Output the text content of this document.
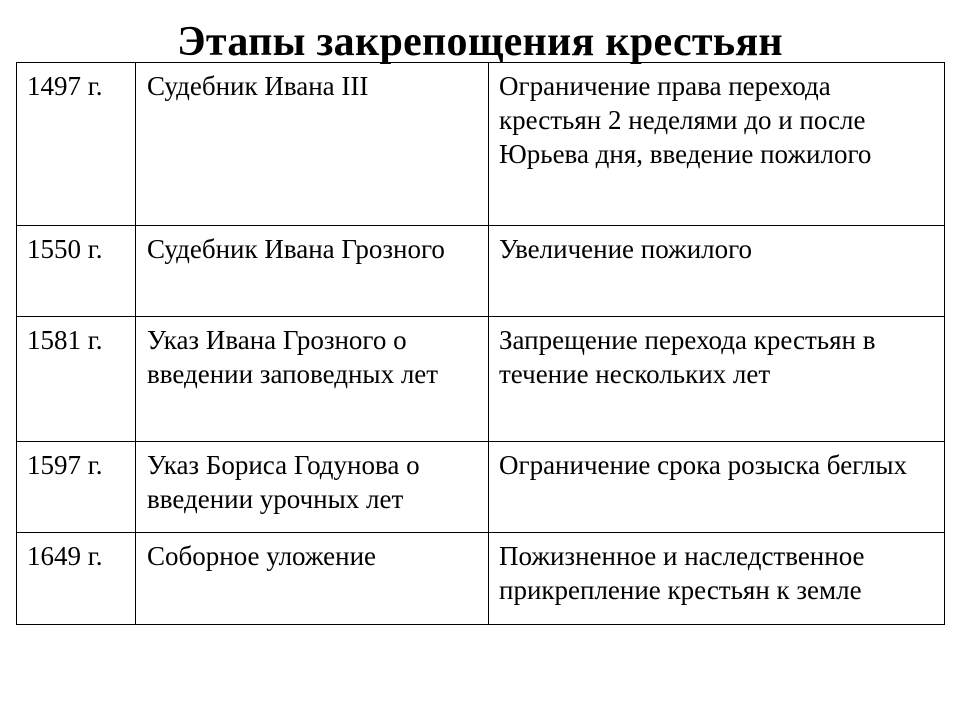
Этапы закрепощения крестьян
1497 г.	Судебник Ивана III	Ограничение права перехода крестьян 2 неделями до и после Юрьева дня, введение пожилого
1550 г.	Судебник Ивана Грозного	Увеличение пожилого
1581 г.	Указ Ивана Грозного о введении заповедных лет	Запрещение перехода крестьян в течение нескольких лет
1597 г.	Указ Бориса Годунова о введении урочных лет	Ограничение срока розыска беглых
1649 г.	Соборное уложение	Пожизненное и наследственное прикрепление крестьян к земле
